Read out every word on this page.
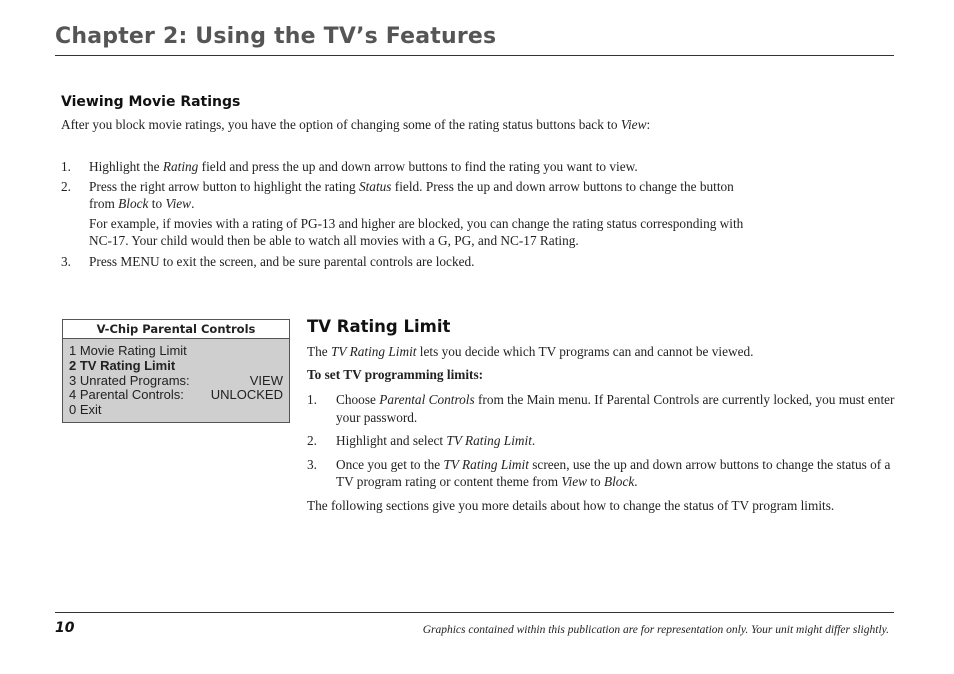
Chapter 2: Using the TV’s Features
Viewing Movie Ratings

After you block movie ratings, you have the option of changing some of the rating status buttons back to View:

1. Highlight the Rating field and press the up and down arrow buttons to find the rating you want to view.
2. Press the right arrow button to highlight the rating Status field. Press the up and down arrow buttons to change the button from Block to View.
For example, if movies with a rating of PG-13 and higher are blocked, you can change the rating status corresponding with NC-17. Your child would then be able to watch all movies with a G, PG, and NC-17 Rating.
3. Press MENU to exit the screen, and be sure parental controls are locked.
V-Chip Parental Controls
1 Movie Rating Limit
2 TV Rating Limit
3 Unrated Programs:	VIEW
4 Parental Controls: UNLOCKED
0 Exit
TV Rating Limit

The TV Rating Limit lets you decide which TV programs can and cannot be viewed.

To set TV programming limits:

1. Choose Parental Controls from the Main menu. If Parental Controls are currently locked, you must enter your password.
2. Highlight and select TV Rating Limit.
3. Once you get to the TV Rating Limit screen, use the up and down arrow buttons to change the status of a TV program rating or content theme from View to Block.

The following sections give you more details about how to change the status of TV program limits.

10	Graphics contained within this publication are for representation only. Your unit might differ slightly.
